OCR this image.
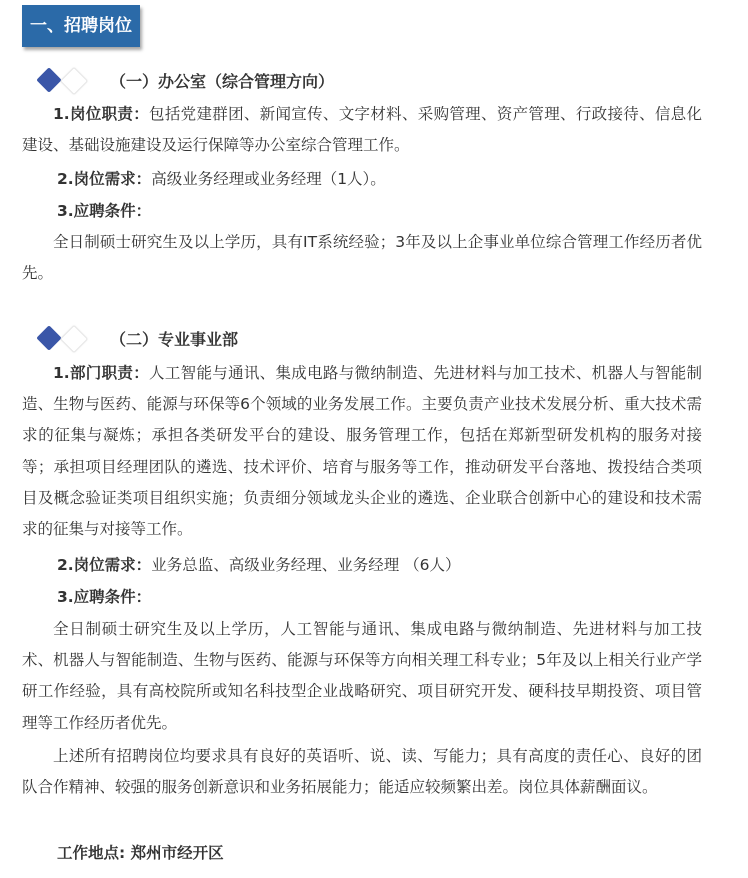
一、招聘岗位
（一）办公室（综合管理方向）
1.岗位职责：包括党建群团、新闻宣传、文字材料、采购管理、资产管理、行政接待、信息化建设、基础设施建设及运行保障等办公室综合管理工作。
2.岗位需求：高级业务经理或业务经理（1人）。
3.应聘条件：
全日制硕士研究生及以上学历，具有IT系统经验；3年及以上企事业单位综合管理工作经历者优先。
（二）专业事业部
1.部门职责：人工智能与通讯、集成电路与微纳制造、先进材料与加工技术、机器人与智能制造、生物与医药、能源与环保等6个领域的业务发展工作。主要负责产业技术发展分析、重大技术需求的征集与凝炼；承担各类研发平台的建设、服务管理工作，包括在郑新型研发机构的服务对接等；承担项目经理团队的遴选、技术评价、培育与服务等工作，推动研发平台落地、拨投结合类项目及概念验证类项目组织实施；负责细分领域龙头企业的遴选、企业联合创新中心的建设和技术需求的征集与对接等工作。
2.岗位需求：业务总监、高级业务经理、业务经理 （6人）
3.应聘条件：
全日制硕士研究生及以上学历，人工智能与通讯、集成电路与微纳制造、先进材料与加工技术、机器人与智能制造、生物与医药、能源与环保等方向相关理工科专业；5年及以上相关行业产学研工作经验，具有高校院所或知名科技型企业战略研究、项目研究开发、硬科技早期投资、项目管理等工作经历者优先。
上述所有招聘岗位均要求具有良好的英语听、说、读、写能力；具有高度的责任心、良好的团队合作精神、较强的服务创新意识和业务拓展能力；能适应较频繁出差。岗位具体薪酬面议。
工作地点: 郑州市经开区
